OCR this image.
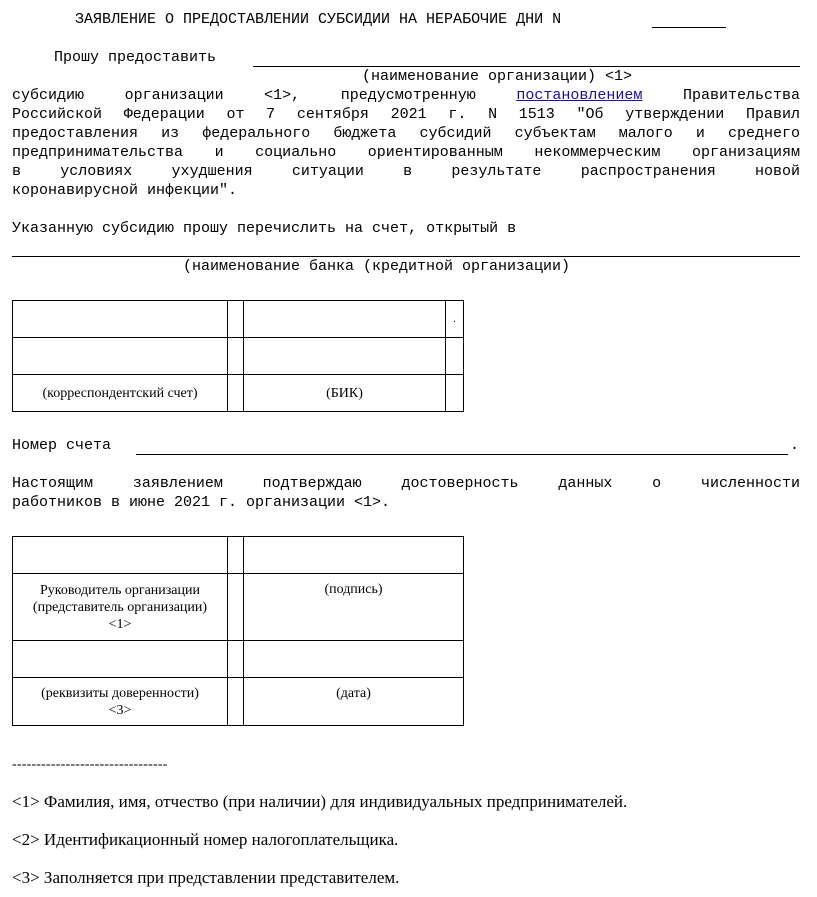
ЗАЯВЛЕНИЕ О ПРЕДОСТАВЛЕНИИ СУБСИДИИ НА НЕРАБОЧИЕ ДНИ N
Прошу предоставить
(наименование организации) <1>
субсидию	организации	<1>,	предусмотренную	постановлением	Правительства
Российской Федерации от 7 сентября 2021 г. N 1513 "Об утверждении Правил
предоставления из федерального бюджета субсидий субъектам малого и среднего
предпринимательства и социально ориентированным некоммерческим организациям
в условиях ухудшения ситуации в результате распространения новой
коронавирусной инфекции".
Указанную субсидию прошу перечислить на счет, открытый в
(наименование банка (кредитной организации)
			.

(корреспондентский счет)		(БИК)	
Номер счета	.
Настоящим заявлением подтверждаю достоверность данных о численности
работников в июне 2021 г. организации <1>.

Руководитель организации
(представитель организации)
<1>		(подпись)

(реквизиты доверенности)
<3>		(дата)
--------------------------------
<1> Фамилия, имя, отчество (при наличии) для индивидуальных предпринимателей.
<2> Идентификационный номер налогоплательщика.
<3> Заполняется при представлении представителем.
